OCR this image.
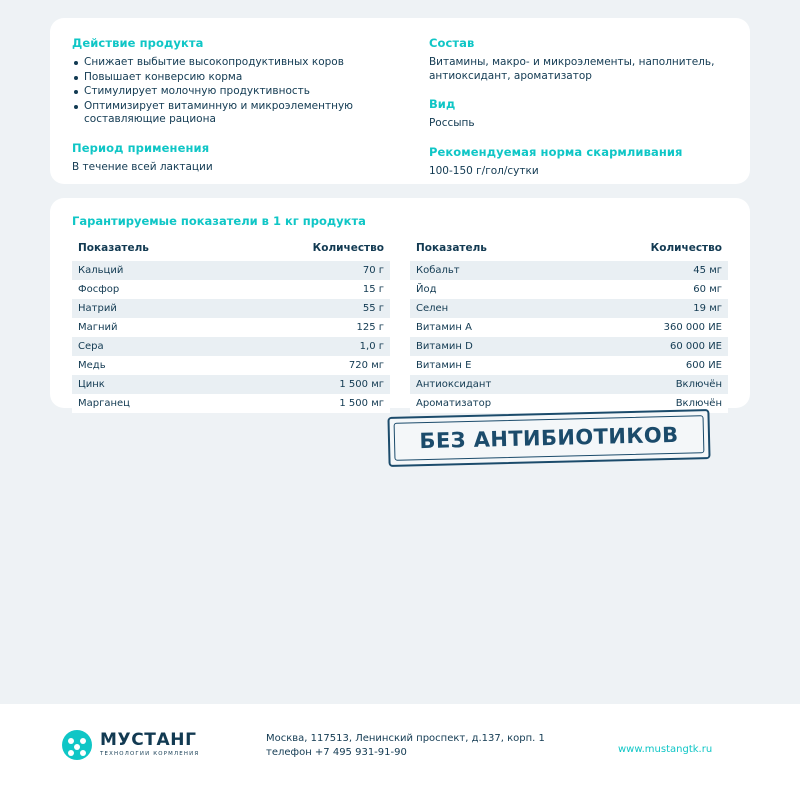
Действие продукта
Снижает выбытие высокопродуктивных коров
Повышает конверсию корма
Стимулирует молочную продуктивность
Оптимизирует витаминную и микроэлементную составляющие рациона
Период применения

В течение всей лактации

Состав

Витамины, макро- и микроэлементы, наполнитель, антиоксидант, ароматизатор

Вид

Россыпь

Рекомендуемая норма скармливания

100-150 г/гол/сутки

Гарантируемые показатели в 1 кг продукта
Показатель	Количество
Кальций	70 г
Фосфор	15 г
Натрий	55 г
Магний	125 г
Сера	1,0 г
Медь	720 мг
Цинк	1 500 мг
Марганец	1 500 мг
Показатель	Количество
Кобальт	45 мг
Йод	60 мг
Селен	19 мг
Витамин A	360 000 ИЕ
Витамин D	60 000 ИЕ
Витамин E	600 ИЕ
Антиоксидант	Включён
Ароматизатор	Включён
БЕЗ АНТИБИОТИКОВ
МУСТАНГ
ТЕХНОЛОГИИ КОРМЛЕНИЯ
Москва, 117513, Ленинский проспект, д.137, корп. 1
телефон +7 495 931-91-90	www.mustangtk.ru
